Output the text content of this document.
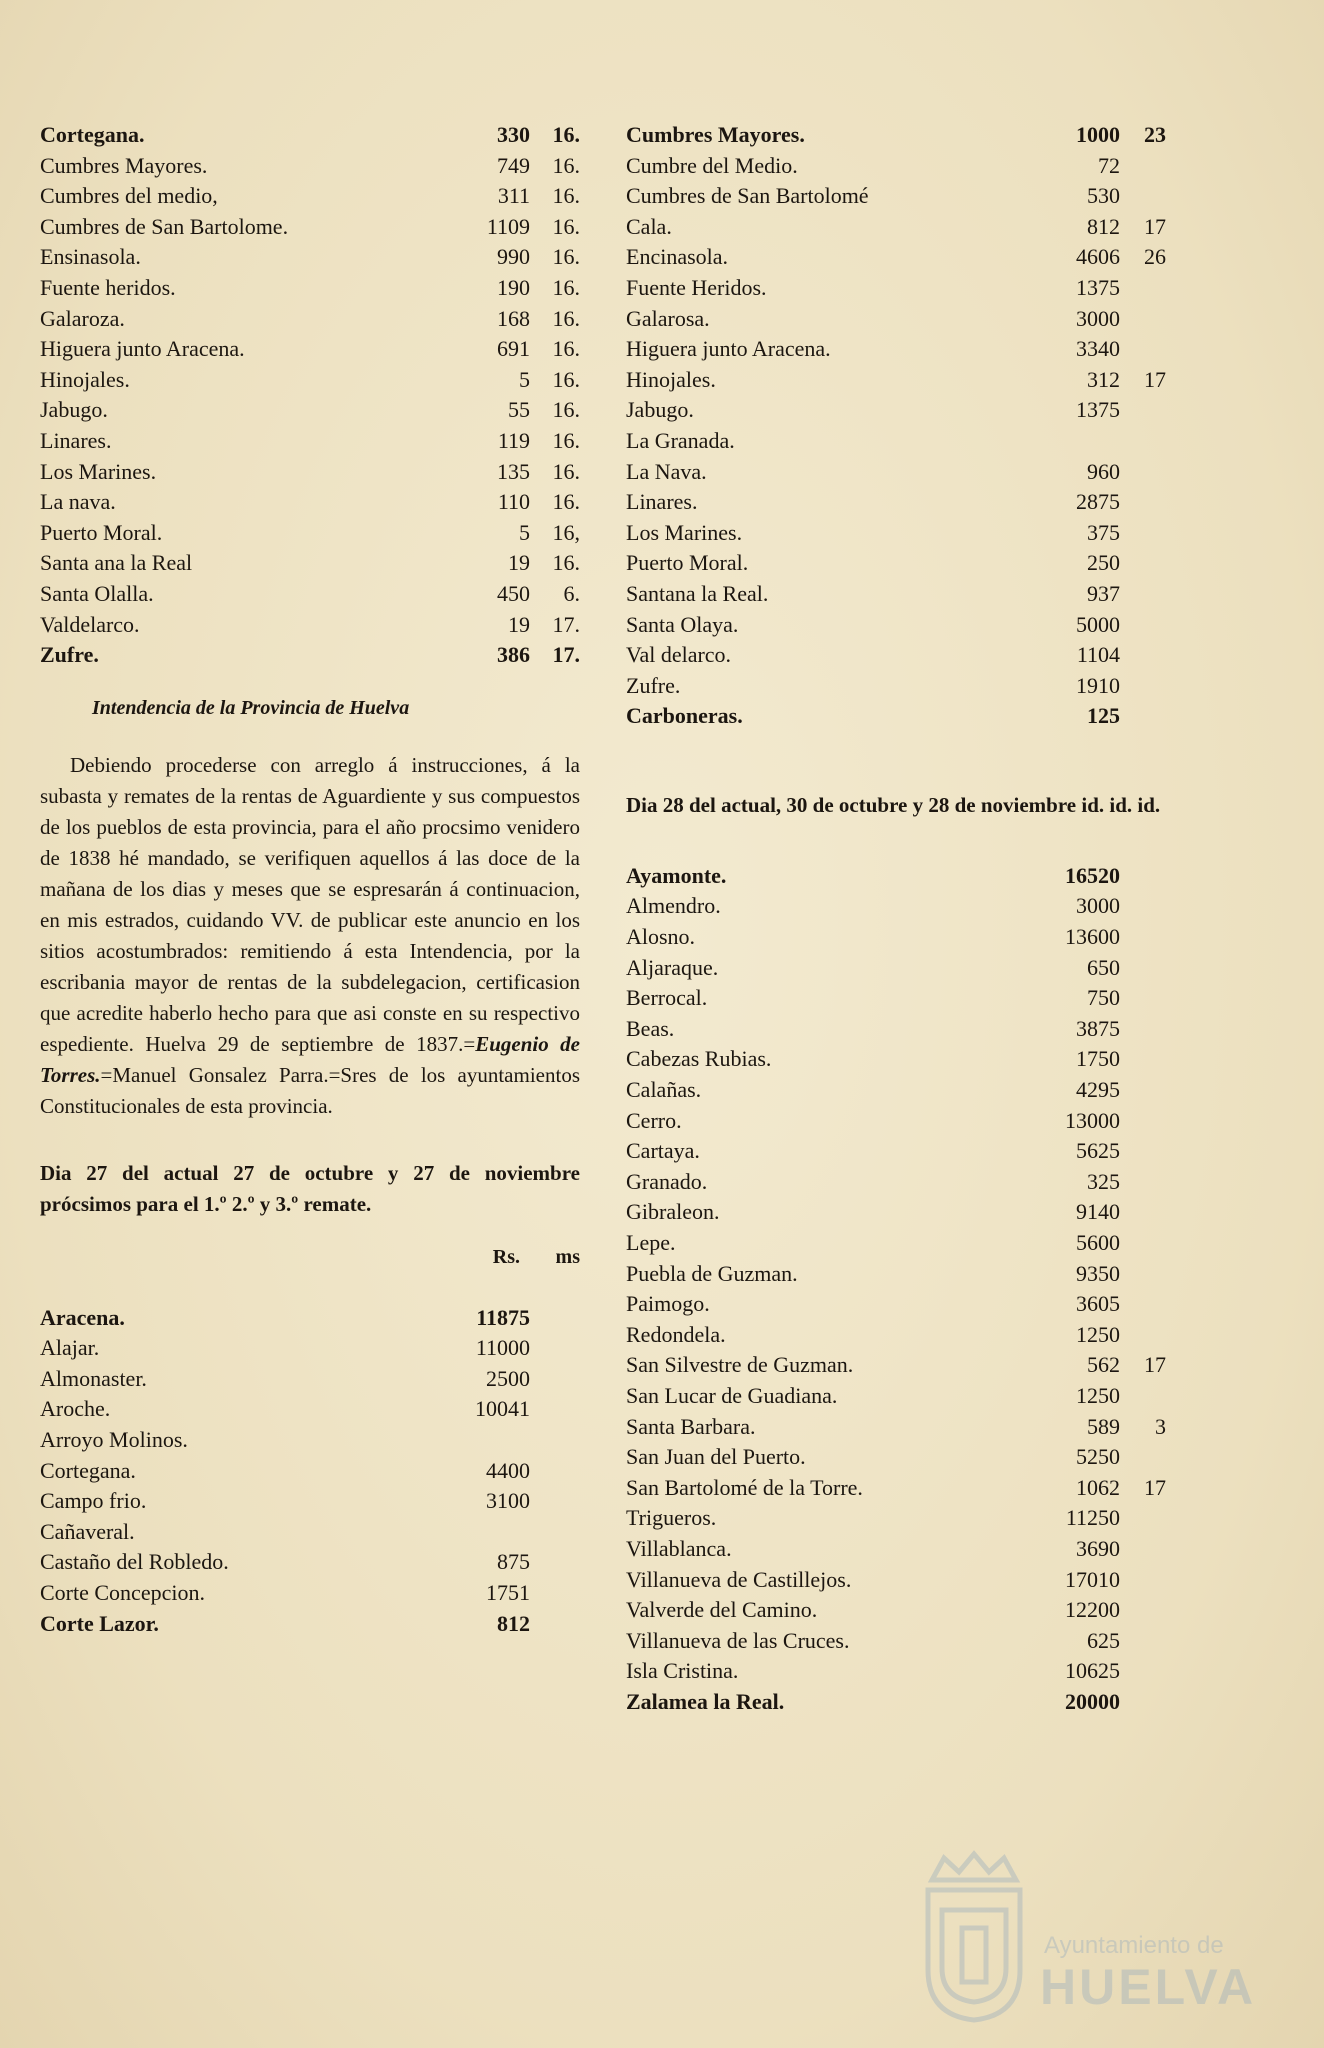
Cortegana.	330	16.
Cumbres Mayores.	749	16.
Cumbres del medio,	311	16.
Cumbres de San Bartolome.	1109	16.
Ensinasola.	990	16.
Fuente heridos.	190	16.
Galaroza.	168	16.
Higuera junto Aracena.	691	16.
Hinojales.	5	16.
Jabugo.	55	16.
Linares.	119	16.
Los Marines.	135	16.
La nava.	110	16.
Puerto Moral.	5	16,
Santa ana la Real	19	16.
Santa Olalla.	450	6.
Valdelarco.	19	17.
Zufre.	386	17.
Intendencia de la Provincia de Huelva

Debiendo procederse con arreglo á instrucciones, á la subasta y remates de la rentas de Aguardiente y sus compuestos de los pueblos de esta provincia, para el año procsimo venidero de 1838 hé mandado, se verifiquen aquellos á las doce de la mañana de los dias y meses que se espresarán á continuacion, en mis estrados, cuidando VV. de publicar este anuncio en los sitios acostumbrados: remitiendo á esta Intendencia, por la escribania mayor de rentas de la subdelegacion, certificasion que acredite haberlo hecho para que asi conste en su respectivo espediente. Huelva 29 de septiembre de 1837.=Eugenio de Torres.=Manuel Gonsalez Parra.=Sres de los ayuntamientos Constitucionales de esta provincia.

Dia 27 del actual 27 de octubre y 27 de noviembre prócsimos para el 1.º 2.º y 3.º remate.

Rs.	ms
Aracena.	11875
Alajar.	11000
Almonaster.	2500
Aroche.	10041
Arroyo Molinos.
Cortegana.	4400
Campo frio.	3100
Cañaveral.
Castaño del Robledo.	875
Corte Concepcion.	1751
Corte Lazor.	812
Cumbres Mayores.	1000	23
Cumbre del Medio.	72
Cumbres de San Bartolomé	530
Cala.	812	17
Encinasola.	4606	26
Fuente Heridos.	1375
Galarosa.	3000
Higuera junto Aracena.	3340
Hinojales.	312	17
Jabugo.	1375
La Granada.
La Nava.	960
Linares.	2875
Los Marines.	375
Puerto Moral.	250
Santana la Real.	937
Santa Olaya.	5000
Val delarco.	1104
Zufre.	1910
Carboneras.	125

Dia 28 del actual, 30 de octubre y 28 de noviembre id. id. id.

Ayamonte.	16520
Almendro.	3000
Alosno.	13600
Aljaraque.	650
Berrocal.	750
Beas.	3875
Cabezas Rubias.	1750
Calañas.	4295
Cerro.	13000
Cartaya.	5625
Granado.	325
Gibraleon.	9140
Lepe.	5600
Puebla de Guzman.	9350
Paimogo.	3605
Redondela.	1250
San Silvestre de Guzman.	562	17
San Lucar de Guadiana.	1250
Santa Barbara.	589	3
San Juan del Puerto.	5250
San Bartolomé de la Torre.	1062	17
Trigueros.	11250
Villablanca.	3690
Villanueva de Castillejos.	17010
Valverde del Camino.	12200
Villanueva de las Cruces.	625
Isla Cristina.	10625
Zalamea la Real.	20000
Ayuntamiento de
HUELVA
